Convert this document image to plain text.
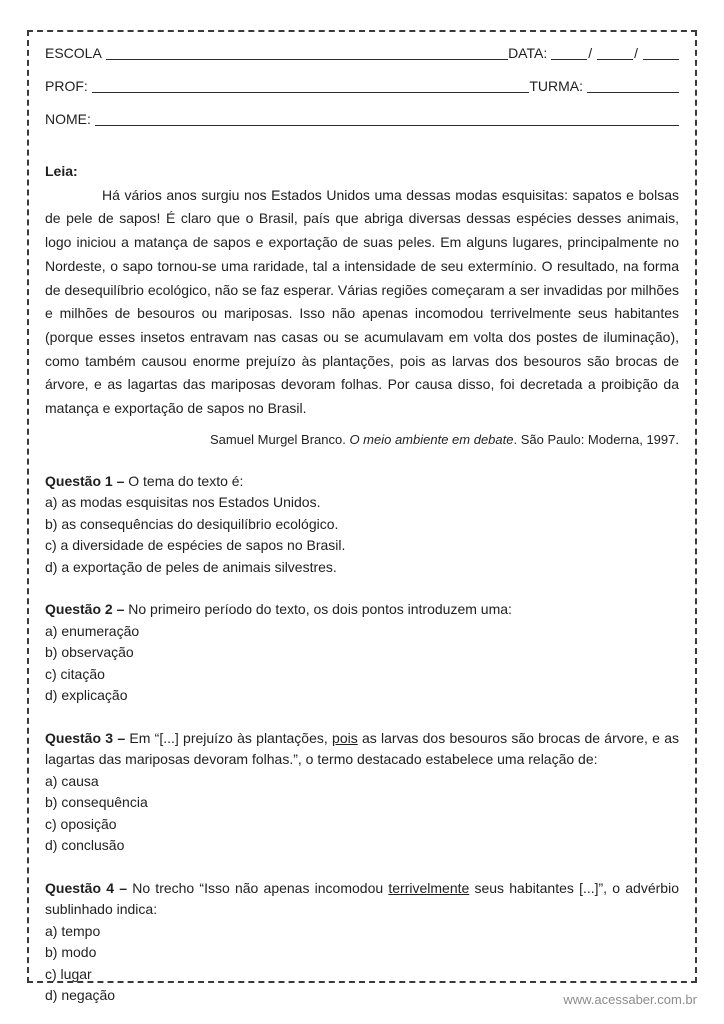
ESCOLA	DATA:	/	/
PROF:	TURMA:
NOME:

Leia:

Há vários anos surgiu nos Estados Unidos uma dessas modas esquisitas: sapatos e bolsas de pele de sapos! É claro que o Brasil, país que abriga diversas dessas espécies desses animais, logo iniciou a matança de sapos e exportação de suas peles. Em alguns lugares, principalmente no Nordeste, o sapo tornou-se uma raridade, tal a intensidade de seu extermínio. O resultado, na forma de desequilíbrio ecológico, não se faz esperar. Várias regiões começaram a ser invadidas por milhões e milhões de besouros ou mariposas. Isso não apenas incomodou terrivelmente seus habitantes (porque esses insetos entravam nas casas ou se acumulavam em volta dos postes de iluminação), como também causou enorme prejuízo às plantações, pois as larvas dos besouros são brocas de árvore, e as lagartas das mariposas devoram folhas. Por causa disso, foi decretada a proibição da matança e exportação de sapos no Brasil.

Samuel Murgel Branco. O meio ambiente em debate. São Paulo: Moderna, 1997.

Questão 1 – O tema do texto é:

a) as modas esquisitas nos Estados Unidos.

b) as consequências do desiquilíbrio ecológico.

c) a diversidade de espécies de sapos no Brasil.

d) a exportação de peles de animais silvestres.

Questão 2 – No primeiro período do texto, os dois pontos introduzem uma:

a) enumeração

b) observação

c) citação

d) explicação

Questão 3 – Em “[...] prejuízo às plantações, pois as larvas dos besouros são brocas de árvore, e as lagartas das mariposas devoram folhas.”, o termo destacado estabelece uma relação de:

a) causa

b) consequência

c) oposição

d) conclusão

Questão 4 – No trecho “Isso não apenas incomodou terrivelmente seus habitantes [...]”, o advérbio sublinhado indica:

a) tempo

b) modo

c) lugar

d) negação	www.acessaber.com.br
